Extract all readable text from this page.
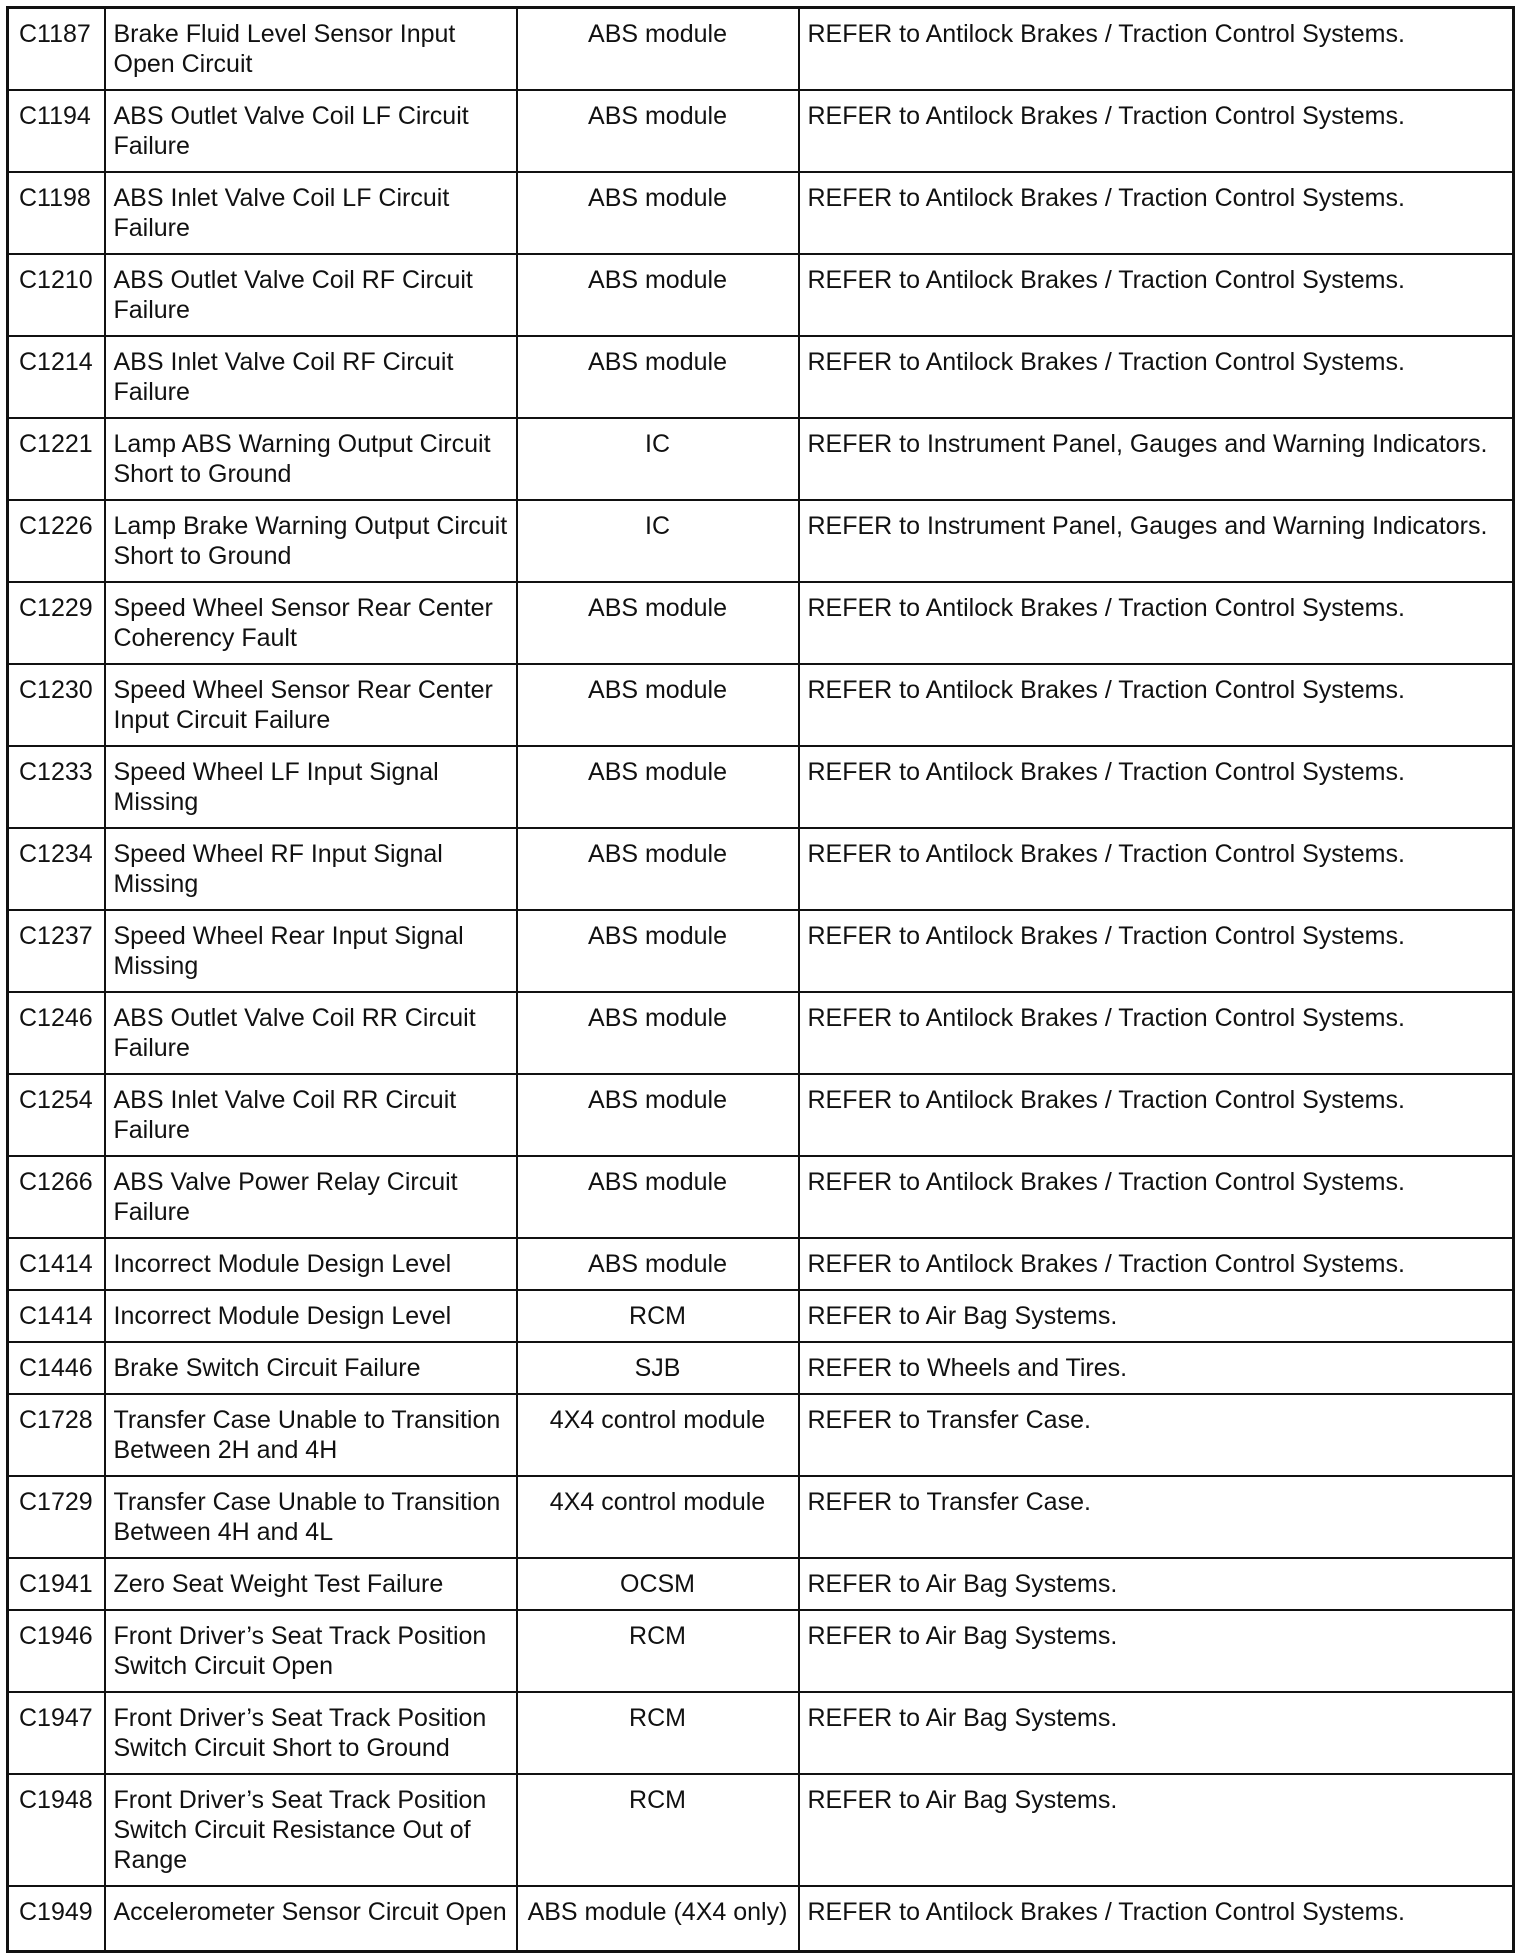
C1187	Brake Fluid Level Sensor Input Open Circuit	ABS module	REFER to Antilock Brakes / Traction Control Systems.
C1194	ABS Outlet Valve Coil LF Circuit Failure	ABS module	REFER to Antilock Brakes / Traction Control Systems.
C1198	ABS Inlet Valve Coil LF Circuit Failure	ABS module	REFER to Antilock Brakes / Traction Control Systems.
C1210	ABS Outlet Valve Coil RF Circuit Failure	ABS module	REFER to Antilock Brakes / Traction Control Systems.
C1214	ABS Inlet Valve Coil RF Circuit Failure	ABS module	REFER to Antilock Brakes / Traction Control Systems.
C1221	Lamp ABS Warning Output Circuit Short to Ground	IC	REFER to Instrument Panel, Gauges and Warning Indicators.
C1226	Lamp Brake Warning Output Circuit Short to Ground	IC	REFER to Instrument Panel, Gauges and Warning Indicators.
C1229	Speed Wheel Sensor Rear Center Coherency Fault	ABS module	REFER to Antilock Brakes / Traction Control Systems.
C1230	Speed Wheel Sensor Rear Center Input Circuit Failure	ABS module	REFER to Antilock Brakes / Traction Control Systems.
C1233	Speed Wheel LF Input Signal Missing	ABS module	REFER to Antilock Brakes / Traction Control Systems.
C1234	Speed Wheel RF Input Signal Missing	ABS module	REFER to Antilock Brakes / Traction Control Systems.
C1237	Speed Wheel Rear Input Signal Missing	ABS module	REFER to Antilock Brakes / Traction Control Systems.
C1246	ABS Outlet Valve Coil RR Circuit Failure	ABS module	REFER to Antilock Brakes / Traction Control Systems.
C1254	ABS Inlet Valve Coil RR Circuit Failure	ABS module	REFER to Antilock Brakes / Traction Control Systems.
C1266	ABS Valve Power Relay Circuit Failure	ABS module	REFER to Antilock Brakes / Traction Control Systems.
C1414	Incorrect Module Design Level	ABS module	REFER to Antilock Brakes / Traction Control Systems.
C1414	Incorrect Module Design Level	RCM	REFER to Air Bag Systems.
C1446	Brake Switch Circuit Failure	SJB	REFER to Wheels and Tires.
C1728	Transfer Case Unable to Transition Between 2H and 4H	4X4 control module	REFER to Transfer Case.
C1729	Transfer Case Unable to Transition Between 4H and 4L	4X4 control module	REFER to Transfer Case.
C1941	Zero Seat Weight Test Failure	OCSM	REFER to Air Bag Systems.
C1946	Front Driver’s Seat Track Position Switch Circuit Open	RCM	REFER to Air Bag Systems.
C1947	Front Driver’s Seat Track Position Switch Circuit Short to Ground	RCM	REFER to Air Bag Systems.
C1948	Front Driver’s Seat Track Position Switch Circuit Resistance Out of Range	RCM	REFER to Air Bag Systems.
C1949	Accelerometer Sensor Circuit Open	ABS module (4X4 only)	REFER to Antilock Brakes / Traction Control Systems.
